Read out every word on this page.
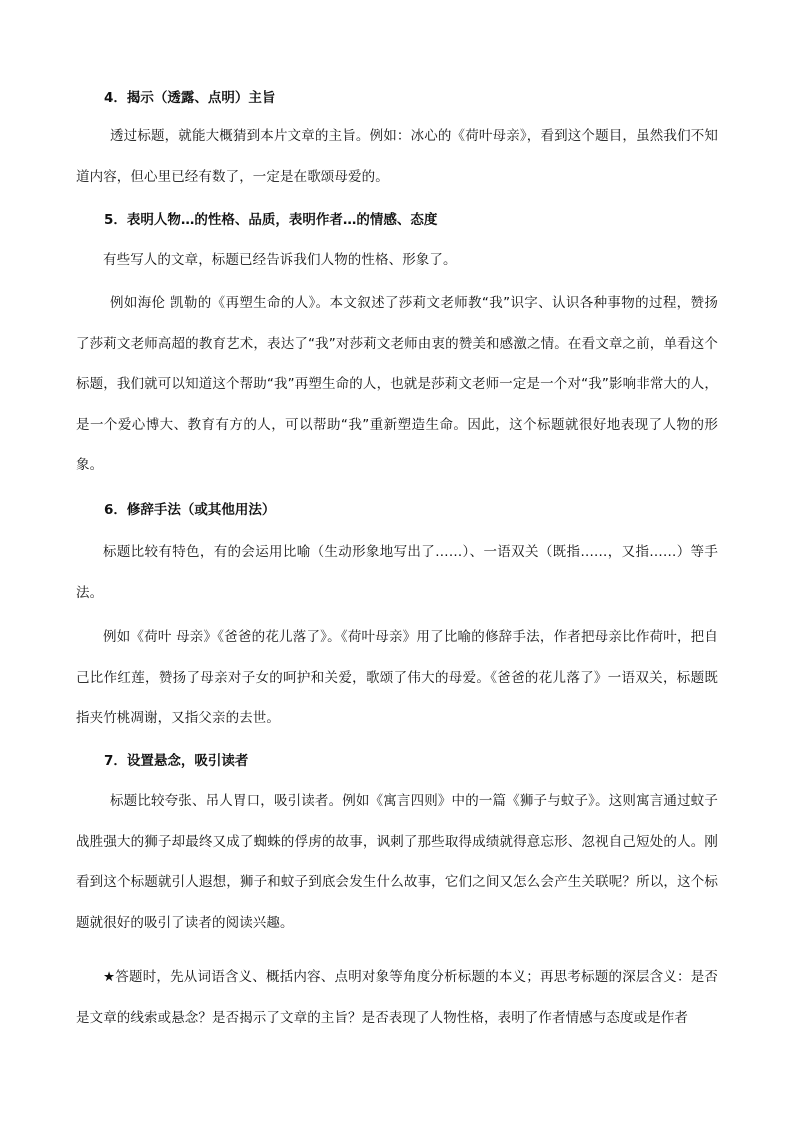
4．揭示（透露、点明）主旨
透过标题，就能大概猜到本片文章的主旨。例如：冰心的《荷叶母亲》，看到这个题目，虽然我们不知道内容，但心里已经有数了，一定是在歌颂母爱的。
5．表明人物…的性格、品质，表明作者…的情感、态度
有些写人的文章，标题已经告诉我们人物的性格、形象了。
例如海伦 凯勒的《再塑生命的人》。本文叙述了莎莉文老师教“我”识字、认识各种事物的过程，赞扬了莎莉文老师高超的教育艺术，表达了“我”对莎莉文老师由衷的赞美和感激之情。在看文章之前，单看这个标题，我们就可以知道这个帮助“我”再塑生命的人，也就是莎莉文老师一定是一个对“我”影响非常大的人，是一个爱心博大、教育有方的人，可以帮助“我”重新塑造生命。因此，这个标题就很好地表现了人物的形象。
6．修辞手法（或其他用法）
标题比较有特色，有的会运用比喻（生动形象地写出了……）、一语双关（既指……，又指……）等手法。
例如《荷叶 母亲》《爸爸的花儿落了》。《荷叶母亲》用了比喻的修辞手法，作者把母亲比作荷叶，把自己比作红莲，赞扬了母亲对子女的呵护和关爱，歌颂了伟大的母爱。《爸爸的花儿落了》一语双关，标题既指夹竹桃凋谢，又指父亲的去世。
7．设置悬念，吸引读者
标题比较夸张、吊人胃口，吸引读者。例如《寓言四则》中的一篇《狮子与蚊子》。这则寓言通过蚊子战胜强大的狮子却最终又成了蜘蛛的俘虏的故事，讽刺了那些取得成绩就得意忘形、忽视自己短处的人。刚看到这个标题就引人遐想，狮子和蚊子到底会发生什么故事，它们之间又怎么会产生关联呢？所以，这个标题就很好的吸引了读者的阅读兴趣。
★答题时，先从词语含义、概括内容、点明对象等角度分析标题的本义；再思考标题的深层含义：是否是文章的线索或悬念？是否揭示了文章的主旨？是否表现了人物性格，表明了作者情感与态度或是作者
